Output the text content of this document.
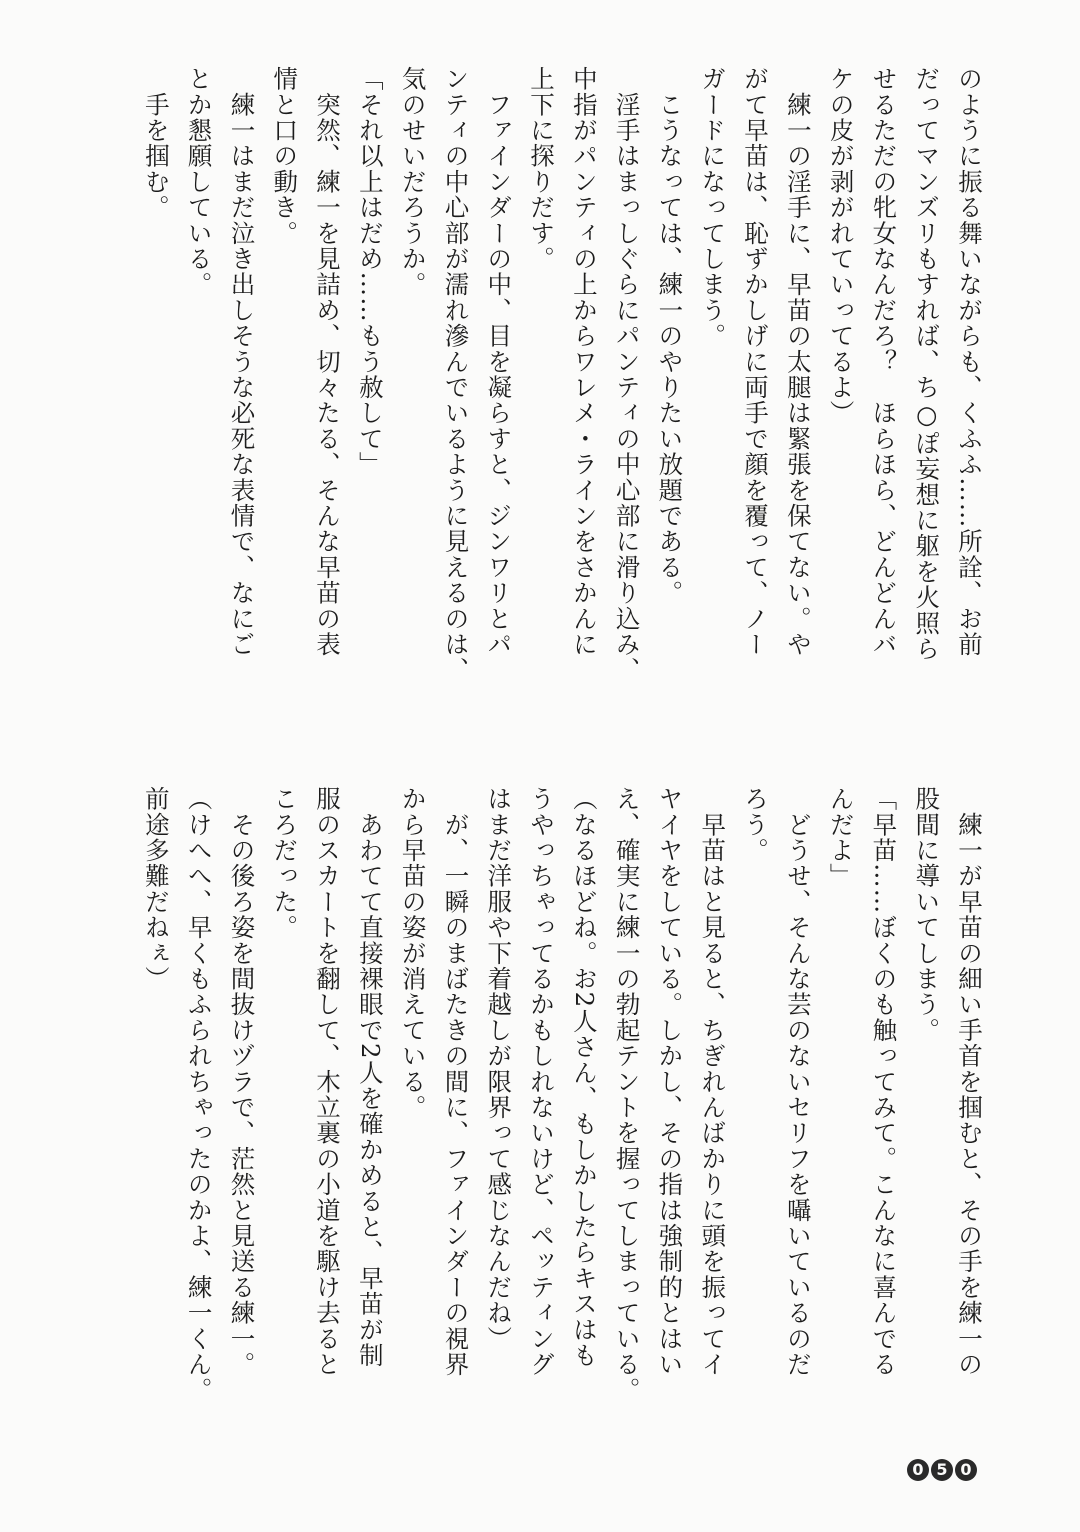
のように振る舞いながらも、くふふ……所詮、お前

だってマンズリもすれば、ち○ぽ妄想に躯を火照ら

せるただの牝女なんだろ？　ほらほら、どんどんバ

ケの皮が剥がれていってるよ）

　練一の淫手に、早苗の太腿は緊張を保てない。や

がて早苗は、恥ずかしげに両手で顔を覆って、ノー

ガードになってしまう。

　こうなっては、練一のやりたい放題である。

　淫手はまっしぐらにパンティの中心部に滑り込み、

中指がパンティの上からワレメ・ラインをさかんに

上下に探りだす。

　ファインダーの中、目を凝らすと、ジンワリとパ

ンティの中心部が濡れ滲んでいるように見えるのは、

気のせいだろうか。

「それ以上はだめ……もう赦して」

　突然、練一を見詰め、切々たる、そんな早苗の表

情と口の動き。

　練一はまだ泣き出しそうな必死な表情で、なにご

とか懇願している。

　手を掴む。

　練一が早苗の細い手首を掴むと、その手を練一の

股間に導いてしまう。

「早苗……ぼくのも触ってみて。こんなに喜んでる

んだよ」

　どうせ、そんな芸のないセリフを囁いているのだ

ろう。

　早苗はと見ると、ちぎれんばかりに頭を振ってイ

ヤイヤをしている。しかし、その指は強制的とはい

え、確実に練一の勃起テントを握ってしまっている。

（なるほどね。お2人さん、もしかしたらキスはも

うやっちゃってるかもしれないけど、ペッティング

はまだ洋服や下着越しが限界って感じなんだね）

　が、一瞬のまばたきの間に、ファインダーの視界

から早苗の姿が消えている。

　あわてて直接裸眼で2人を確かめると、早苗が制

服のスカートを翻して、木立裏の小道を駆け去ると

ころだった。

　その後ろ姿を間抜けヅラで、茫然と見送る練一。

（けへへ、早くもふられちゃったのかよ、練一くん。

前途多難だねぇ）

0 5 0
